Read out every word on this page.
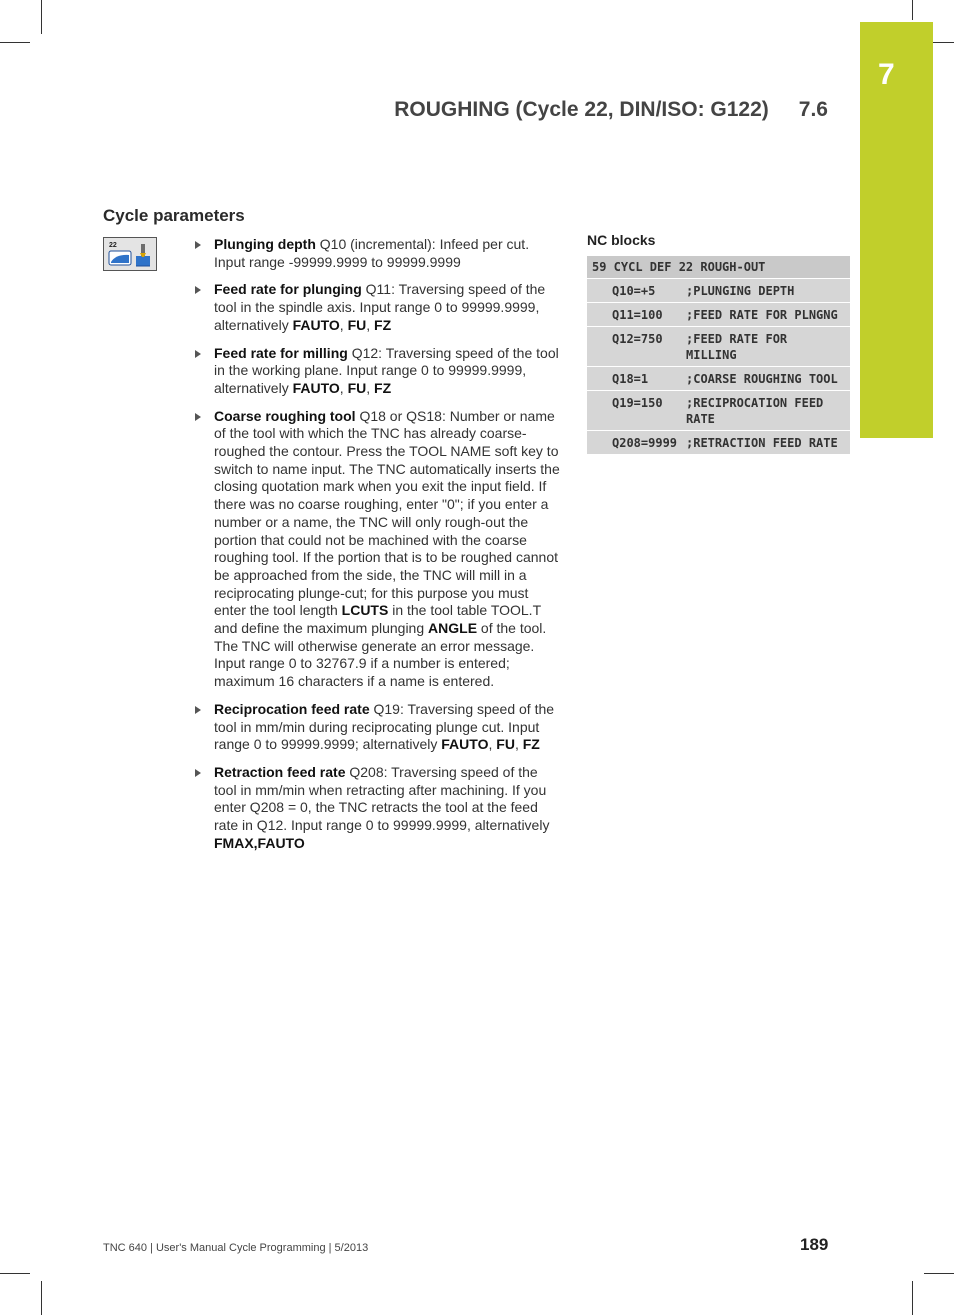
7
ROUGHING (Cycle 22, DIN/ISO: G122) 7.6
Cycle parameters
22	Plunging depth Q10 (incremental): Infeed per cut. Input range -99999.9999 to 99999.9999
Feed rate for plunging Q11: Traversing speed of the tool in the spindle axis. Input range 0 to 99999.9999, alternatively FAUTO, FU, FZ
Feed rate for milling Q12: Traversing speed of the tool in the working plane. Input range 0 to 99999.9999, alternatively FAUTO, FU, FZ
Coarse roughing tool Q18 or QS18: Number or name of the tool with which the TNC has already coarse-roughed the contour. Press the TOOL NAME soft key to switch to name input. The TNC automatically inserts the closing quotation mark when you exit the input field. If there was no coarse roughing, enter "0"; if you enter a number or a name, the TNC will only rough-out the portion that could not be machined with the coarse roughing tool. If the portion that is to be roughed cannot be approached from the side, the TNC will mill in a reciprocating plunge-cut; for this purpose you must enter the tool length LCUTS in the tool table TOOL.T and define the maximum plunging ANGLE of the tool. The TNC will otherwise generate an error message. Input range 0 to 32767.9 if a number is entered; maximum 16 characters if a name is entered.
Reciprocation feed rate Q19: Traversing speed of the tool in mm/min during reciprocating plunge cut. Input range 0 to 99999.9999; alternatively FAUTO, FU, FZ
Retraction feed rate Q208: Traversing speed of the tool in mm/min when retracting after machining. If you enter Q208 = 0, the TNC retracts the tool at the feed rate in Q12. Input range 0 to 99999.9999, alternatively FMAX,FAUTO
NC blocks
59 CYCL DEF 22 ROUGH-OUT
Q10=+5	;PLUNGING DEPTH
Q11=100	;FEED RATE FOR PLNGNG
Q12=750	;FEED RATE FOR MILLING
Q18=1	;COARSE ROUGHING TOOL
Q19=150	;RECIPROCATION FEED RATE
Q208=9999 ;RETRACTION FEED RATE
TNC 640 | User's Manual Cycle Programming | 5/2013	189
